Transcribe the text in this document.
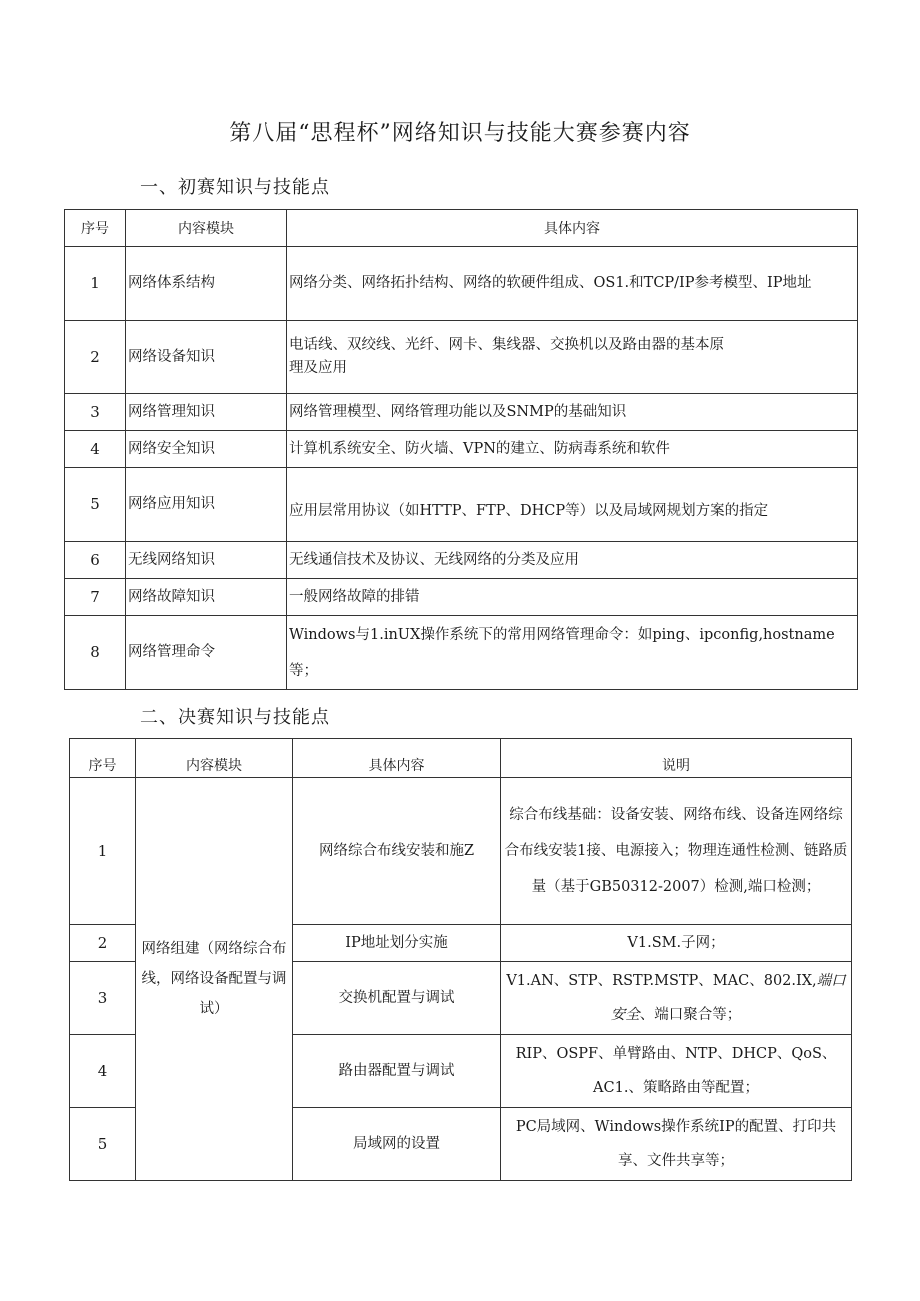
第八届“思程杯”网络知识与技能大赛参赛内容
一、初赛知识与技能点
序号	内容模块	具体内容
1	网络体系结构	网络分类、网络拓扑结构、网络的软硬件组成、OS1.和TCP/IP参考模型、IP地址
2	网络设备知识	电话线、双绞线、光纤、网卡、集线器、交换机以及路由器的基本原
理及应用
3	网络管理知识	网络管理模型、网络管理功能以及SNMP的基础知识
4	网络安全知识	计算机系统安全、防火墙、VPN的建立、防病毒系统和软件
5	网络应用知识	应用层常用协议（如HTTP、FTP、DHCP等）以及局域网规划方案的指定
6	无线网络知识	无线通信技术及协议、无线网络的分类及应用
7	网络故障知识	一般网络故障的排错
8	网络管理命令	Windows与1.inUX操作系统下的常用网络管理命令：如ping、ipconfig,hostname等；
二、决赛知识与技能点
序号	内容模块	具体内容	说明
1	网络组建（网络综合布线，网络设备配置与调试）	网络综合布线安装和施Z	综合布线基础：设备安装、网络布线、设备连网络综合布线安装1接、电源接入；物理连通性检测、链路质量（基于GB50312-2007）检测,端口检测；
2		IP地址划分实施	V1.SM.子网；
3		交换机配置与调试	V1.AN、STP、RSTP.MSTP、MAC、802.IX,端口安全、端口聚合等；
4		路由器配置与调试	RIP、OSPF、单臂路由、NTP、DHCP、QoS、AC1.、策略路由等配置；
5		局域网的设置	PC局域网、Windows操作系统IP的配置、打印共享、文件共享等；
